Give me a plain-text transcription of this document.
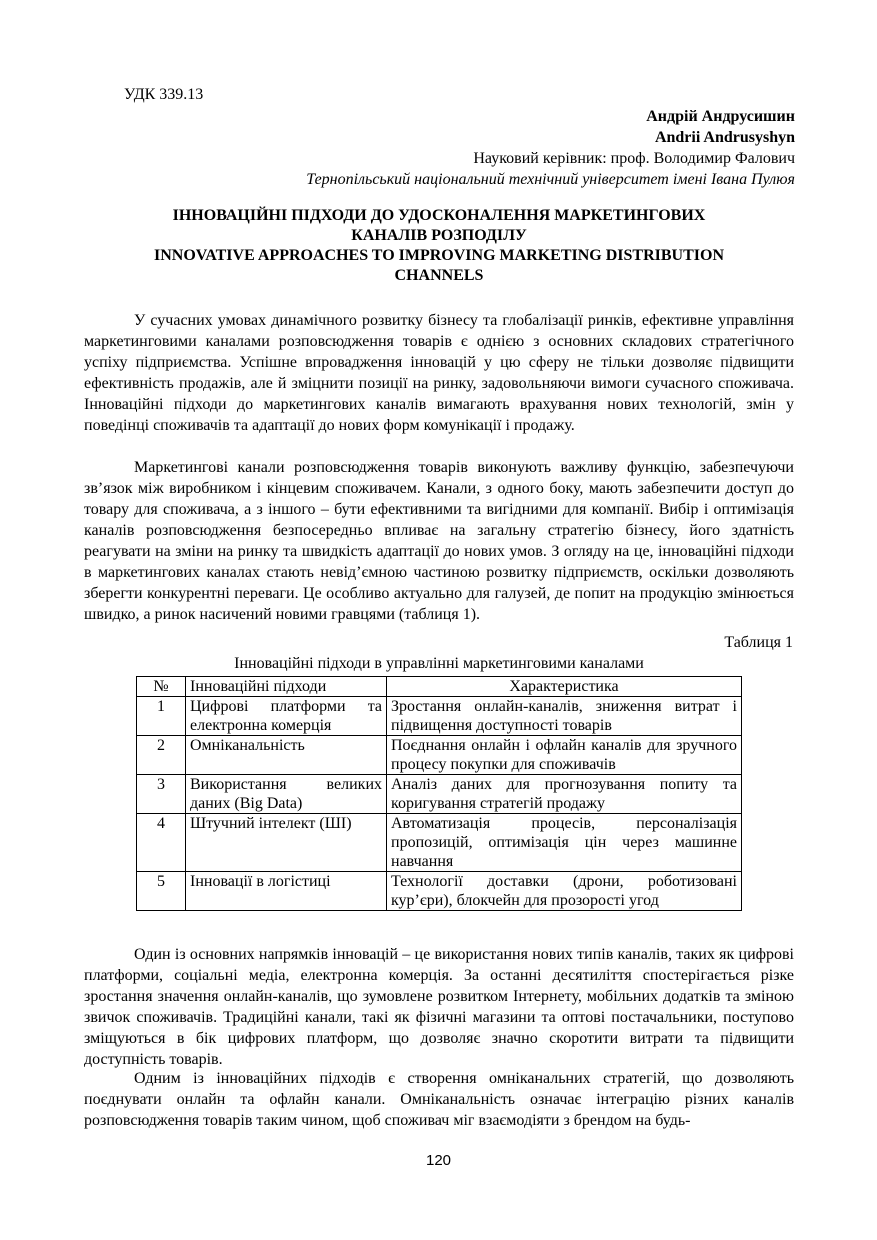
УДК 339.13
Андрій Андрусишин
Andrii Andrusyshyn
Науковий керівник: проф. Володимир Фалович
Тернопільський національний технічний університет імені Івана Пулюя
ІННОВАЦІЙНІ ПІДХОДИ ДО УДОСКОНАЛЕННЯ МАРКЕТИНГОВИХ КАНАЛІВ РОЗПОДІЛУ
INNOVATIVE APPROACHES TO IMPROVING MARKETING DISTRIBUTION CHANNELS
У сучасних умовах динамічного розвитку бізнесу та глобалізації ринків, ефективне управління маркетинговими каналами розповсюдження товарів є однією з основних складових стратегічного успіху підприємства. Успішне впровадження інновацій у цю сферу не тільки дозволяє підвищити ефективність продажів, але й зміцнити позиції на ринку, задовольняючи вимоги сучасного споживача. Інноваційні підходи до маркетингових каналів вимагають врахування нових технологій, змін у поведінці споживачів та адаптації до нових форм комунікації і продажу.
Маркетингові канали розповсюдження товарів виконують важливу функцію, забезпечуючи зв’язок між виробником і кінцевим споживачем. Канали, з одного боку, мають забезпечити доступ до товару для споживача, а з іншого – бути ефективними та вигідними для компанії. Вибір і оптимізація каналів розповсюдження безпосередньо впливає на загальну стратегію бізнесу, його здатність реагувати на зміни на ринку та швидкість адаптації до нових умов. З огляду на це, інноваційні підходи в маркетингових каналах стають невід’ємною частиною розвитку підприємств, оскільки дозволяють зберегти конкурентні переваги. Це особливо актуально для галузей, де попит на продукцію змінюється швидко, а ринок насичений новими гравцями (таблиця 1).
Таблиця 1
Інноваційні підходи в управлінні маркетинговими каналами
№	Інноваційні підходи	Характеристика
1	Цифрові платформи та електронна комерція	Зростання онлайн-каналів, зниження витрат і підвищення доступності товарів
2	Омніканальність	Поєднання онлайн і офлайн каналів для зручного процесу покупки для споживачів
3	Використання великих даних (Big Data)	Аналіз даних для прогнозування попиту та коригування стратегій продажу
4	Штучний інтелект (ШІ)	Автоматизація процесів, персоналізація пропозицій, оптимізація цін через машинне навчання
5	Інновації в логістиці	Технології доставки (дрони, роботизовані кур’єри), блокчейн для прозорості угод
Один із основних напрямків інновацій – це використання нових типів каналів, таких як цифрові платформи, соціальні медіа, електронна комерція. За останні десятиліття спостерігається різке зростання значення онлайн-каналів, що зумовлене розвитком Інтернету, мобільних додатків та зміною звичок споживачів. Традиційні канали, такі як фізичні магазини та оптові постачальники, поступово зміщуються в бік цифрових платформ, що дозволяє значно скоротити витрати та підвищити доступність товарів.
Одним із інноваційних підходів є створення омніканальних стратегій, що дозволяють поєднувати онлайн та офлайн канали. Омніканальність означає інтеграцію різних каналів розповсюдження товарів таким чином, щоб споживач міг взаємодіяти з брендом на будь-
120
